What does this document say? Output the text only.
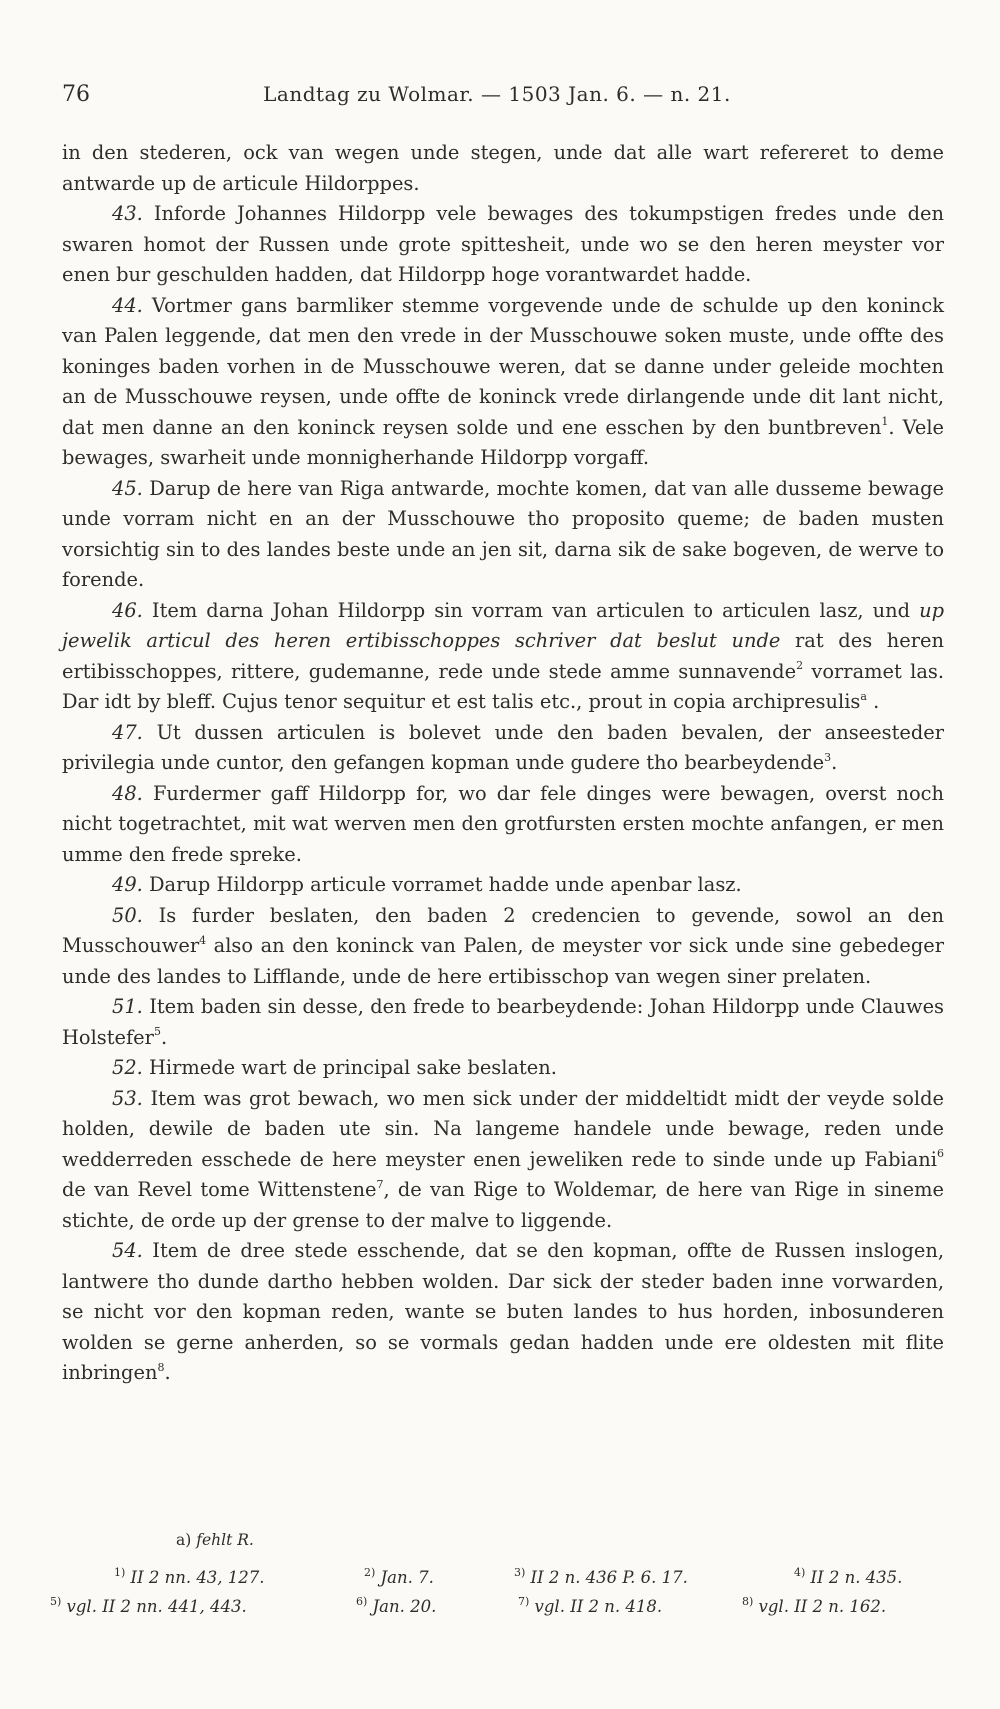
76	Landtag zu Wolmar. — 1503 Jan. 6. — n. 21.

in den stederen, ock van wegen unde stegen, unde dat alle wart refereret to deme antwarde up de articule Hildorppes.

43. Inforde Johannes Hildorpp vele bewages des tokumpstigen fredes unde den swaren homot der Russen unde grote spittesheit, unde wo se den heren meyster vor enen bur geschulden hadden, dat Hildorpp hoge vorantwardet hadde.

44. Vortmer gans barmliker stemme vorgevende unde de schulde up den koninck van Palen leggende, dat men den vrede in der Musschouwe soken muste, unde offte des koninges baden vorhen in de Musschouwe weren, dat se danne under geleide mochten an de Musschouwe reysen, unde offte de koninck vrede dirlangende unde dit lant nicht, dat men danne an den koninck reysen solde und ene esschen by den buntbreven$^1$. Vele bewages, swarheit unde monnigherhande Hildorpp vorgaff.

45. Darup de here van Riga antwarde, mochte komen, dat van alle dusseme bewage unde vorram nicht en an der Musschouwe tho proposito queme; de baden musten vorsichtig sin to des landes beste unde an jen sit, darna sik de sake bogeven, de werve to forende.

46. Item darna Johan Hildorpp sin vorram van articulen to articulen lasz, und up jewelik articul des heren ertibisschoppes schriver dat beslut unde rat des heren ertibisschoppes, rittere, gudemanne, rede unde stede amme sunnavende$^2$ vorramet las. Dar idt by bleff. Cujus tenor sequitur et est talis etc., prout in copia archipresulis$^a$ .

47. Ut dussen articulen is bolevet unde den baden bevalen, der anseesteder privilegia unde cuntor, den gefangen kopman unde gudere tho bearbeydende$^3$.

48. Furdermer gaff Hildorpp for, wo dar fele dinges were bewagen, overst noch nicht togetrachtet, mit wat werven men den grotfursten ersten mochte anfangen, er men umme den frede spreke.

49. Darup Hildorpp articule vorramet hadde unde apenbar lasz.

50. Is furder beslaten, den baden 2 credencien to gevende, sowol an den Musschouwer$^4$ also an den koninck van Palen, de meyster vor sick unde sine gebedeger unde des landes to Lifflande, unde de here ertibisschop van wegen siner prelaten.

51. Item baden sin desse, den frede to bearbeydende: Johan Hildorpp unde Clauwes Holstefer$^5$.

52. Hirmede wart de principal sake beslaten.

53. Item was grot bewach, wo men sick under der middeltidt midt der veyde solde holden, dewile de baden ute sin. Na langeme handele unde bewage, reden unde wedderreden esschede de here meyster enen jeweliken rede to sinde unde up Fabiani$^6$ de van Revel tome Wittenstene$^7$, de van Rige to Woldemar, de here van Rige in sineme stichte, de orde up der grense to der malve to liggende.

54. Item de dree stede esschende, dat se den kopman, offte de Russen inslogen, lantwere tho dunde dartho hebben wolden. Dar sick der steder baden inne vorwarden, se nicht vor den kopman reden, wante se buten landes to hus horden, inbosunderen wolden se gerne anherden, so se vormals gedan hadden unde ere oldesten mit flite inbringen$^8$.

a) fehlt R.
$^{1)}$ II 2 nn. 43, 127.	$^{2)}$ Jan. 7.	$^{3)}$ II 2 n. 436 P. 6. 17.	$^{4)}$ II 2 n. 435.
$^{5)}$ vgl. II 2 nn. 441, 443.	$^{6)}$ Jan. 20.	$^{7)}$ vgl. II 2 n. 418.	$^{8)}$ vgl. II 2 n. 162.
